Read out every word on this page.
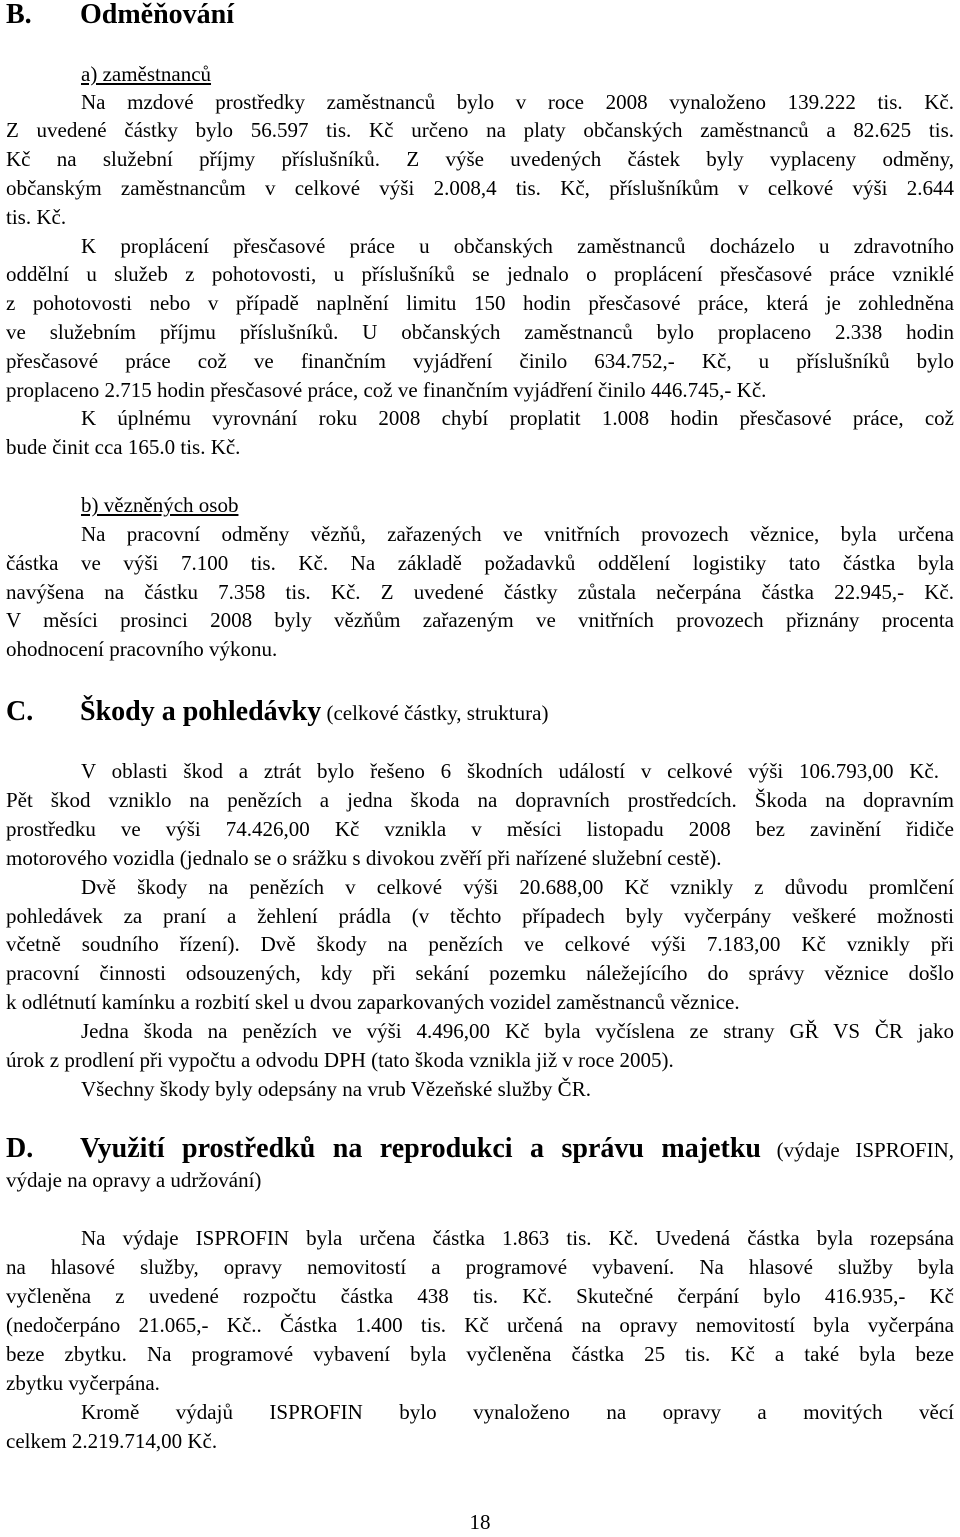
B. Odměňování
a) zaměstnanců
Na mzdové prostředky zaměstnanců bylo v roce 2008 vynaloženo 139.222 tis. Kč.
Z uvedené částky bylo 56.597 tis. Kč určeno na platy občanských zaměstnanců a 82.625 tis.
Kč na služební příjmy příslušníků. Z výše uvedených částek byly vyplaceny odměny,
občanským zaměstnancům v celkové výši 2.008,4 tis. Kč, příslušníkům v celkové výši 2.644
tis. Kč.
K proplácení přesčasové práce u občanských zaměstnanců docházelo u zdravotního
oddělní u služeb z pohotovosti, u příslušníků se jednalo o proplácení přesčasové práce vzniklé
z pohotovosti nebo v případě naplnění limitu 150 hodin přesčasové práce, která je zohledněna
ve služebním příjmu příslušníků. U občanských zaměstnanců bylo proplaceno 2.338 hodin
přesčasové práce což ve finančním vyjádření činilo 634.752,- Kč, u příslušníků bylo
proplaceno 2.715 hodin přesčasové práce, což ve finančním vyjádření činilo 446.745,- Kč.
K úplnému vyrovnání roku 2008 chybí proplatit 1.008 hodin přesčasové práce, což
bude činit cca 165.0 tis. Kč.
b) vězněných osob
Na pracovní odměny vězňů, zařazených ve vnitřních provozech věznice, byla určena
částka ve výši 7.100 tis. Kč. Na základě požadavků oddělení logistiky tato částka byla
navýšena na částku 7.358 tis. Kč. Z uvedené částky zůstala nečerpána částka 22.945,- Kč.
V měsíci prosinci 2008 byly vězňům zařazeným ve vnitřních provozech přiznány procenta
ohodnocení pracovního výkonu.
C. Škody a pohledávky (celkové částky, struktura)
V oblasti škod a ztrát bylo řešeno 6 škodních událostí v celkové výši 106.793,00 Kč.
Pět škod vzniklo na penězích a jedna škoda na dopravních prostředcích. Škoda na dopravním
prostředku ve výši 74.426,00 Kč vznikla v měsíci listopadu 2008 bez zavinění řidiče
motorového vozidla (jednalo se o srážku s divokou zvěří při nařízené služební cestě).
Dvě škody na penězích v celkové výši 20.688,00 Kč vznikly z důvodu promlčení
pohledávek za praní a žehlení prádla (v těchto případech byly vyčerpány veškeré možnosti
včetně soudního řízení). Dvě škody na penězích ve celkové výši 7.183,00 Kč vznikly při
pracovní činnosti odsouzených, kdy při sekání pozemku náležejícího do správy věznice došlo
k odlétnutí kamínku a rozbití skel u dvou zaparkovaných vozidel zaměstnanců věznice.
Jedna škoda na penězích ve výši 4.496,00 Kč byla vyčíslena ze strany GŘ VS ČR jako
úrok z prodlení při vypočtu a odvodu DPH (tato škoda vznikla již v roce 2005).
Všechny škody byly odepsány na vrub Vězeňské služby ČR.
D. Využití prostředků na reprodukci a správu majetku (výdaje ISPROFIN,
výdaje na opravy a udržování)
Na výdaje ISPROFIN byla určena částka 1.863 tis. Kč. Uvedená částka byla rozepsána
na hlasové služby, opravy nemovitostí a programové vybavení. Na hlasové služby byla
vyčleněna z uvedené rozpočtu částka 438 tis. Kč. Skutečné čerpání bylo 416.935,- Kč
(nedočerpáno 21.065,- Kč.. Částka 1.400 tis. Kč určená na opravy nemovitostí byla vyčerpána
beze zbytku. Na programové vybavení byla vyčleněna částka 25 tis. Kč a také byla beze
zbytku vyčerpána.
Kromě výdajů ISPROFIN bylo vynaloženo na opravy a movitých věcí
celkem 2.219.714,00 Kč.
18
